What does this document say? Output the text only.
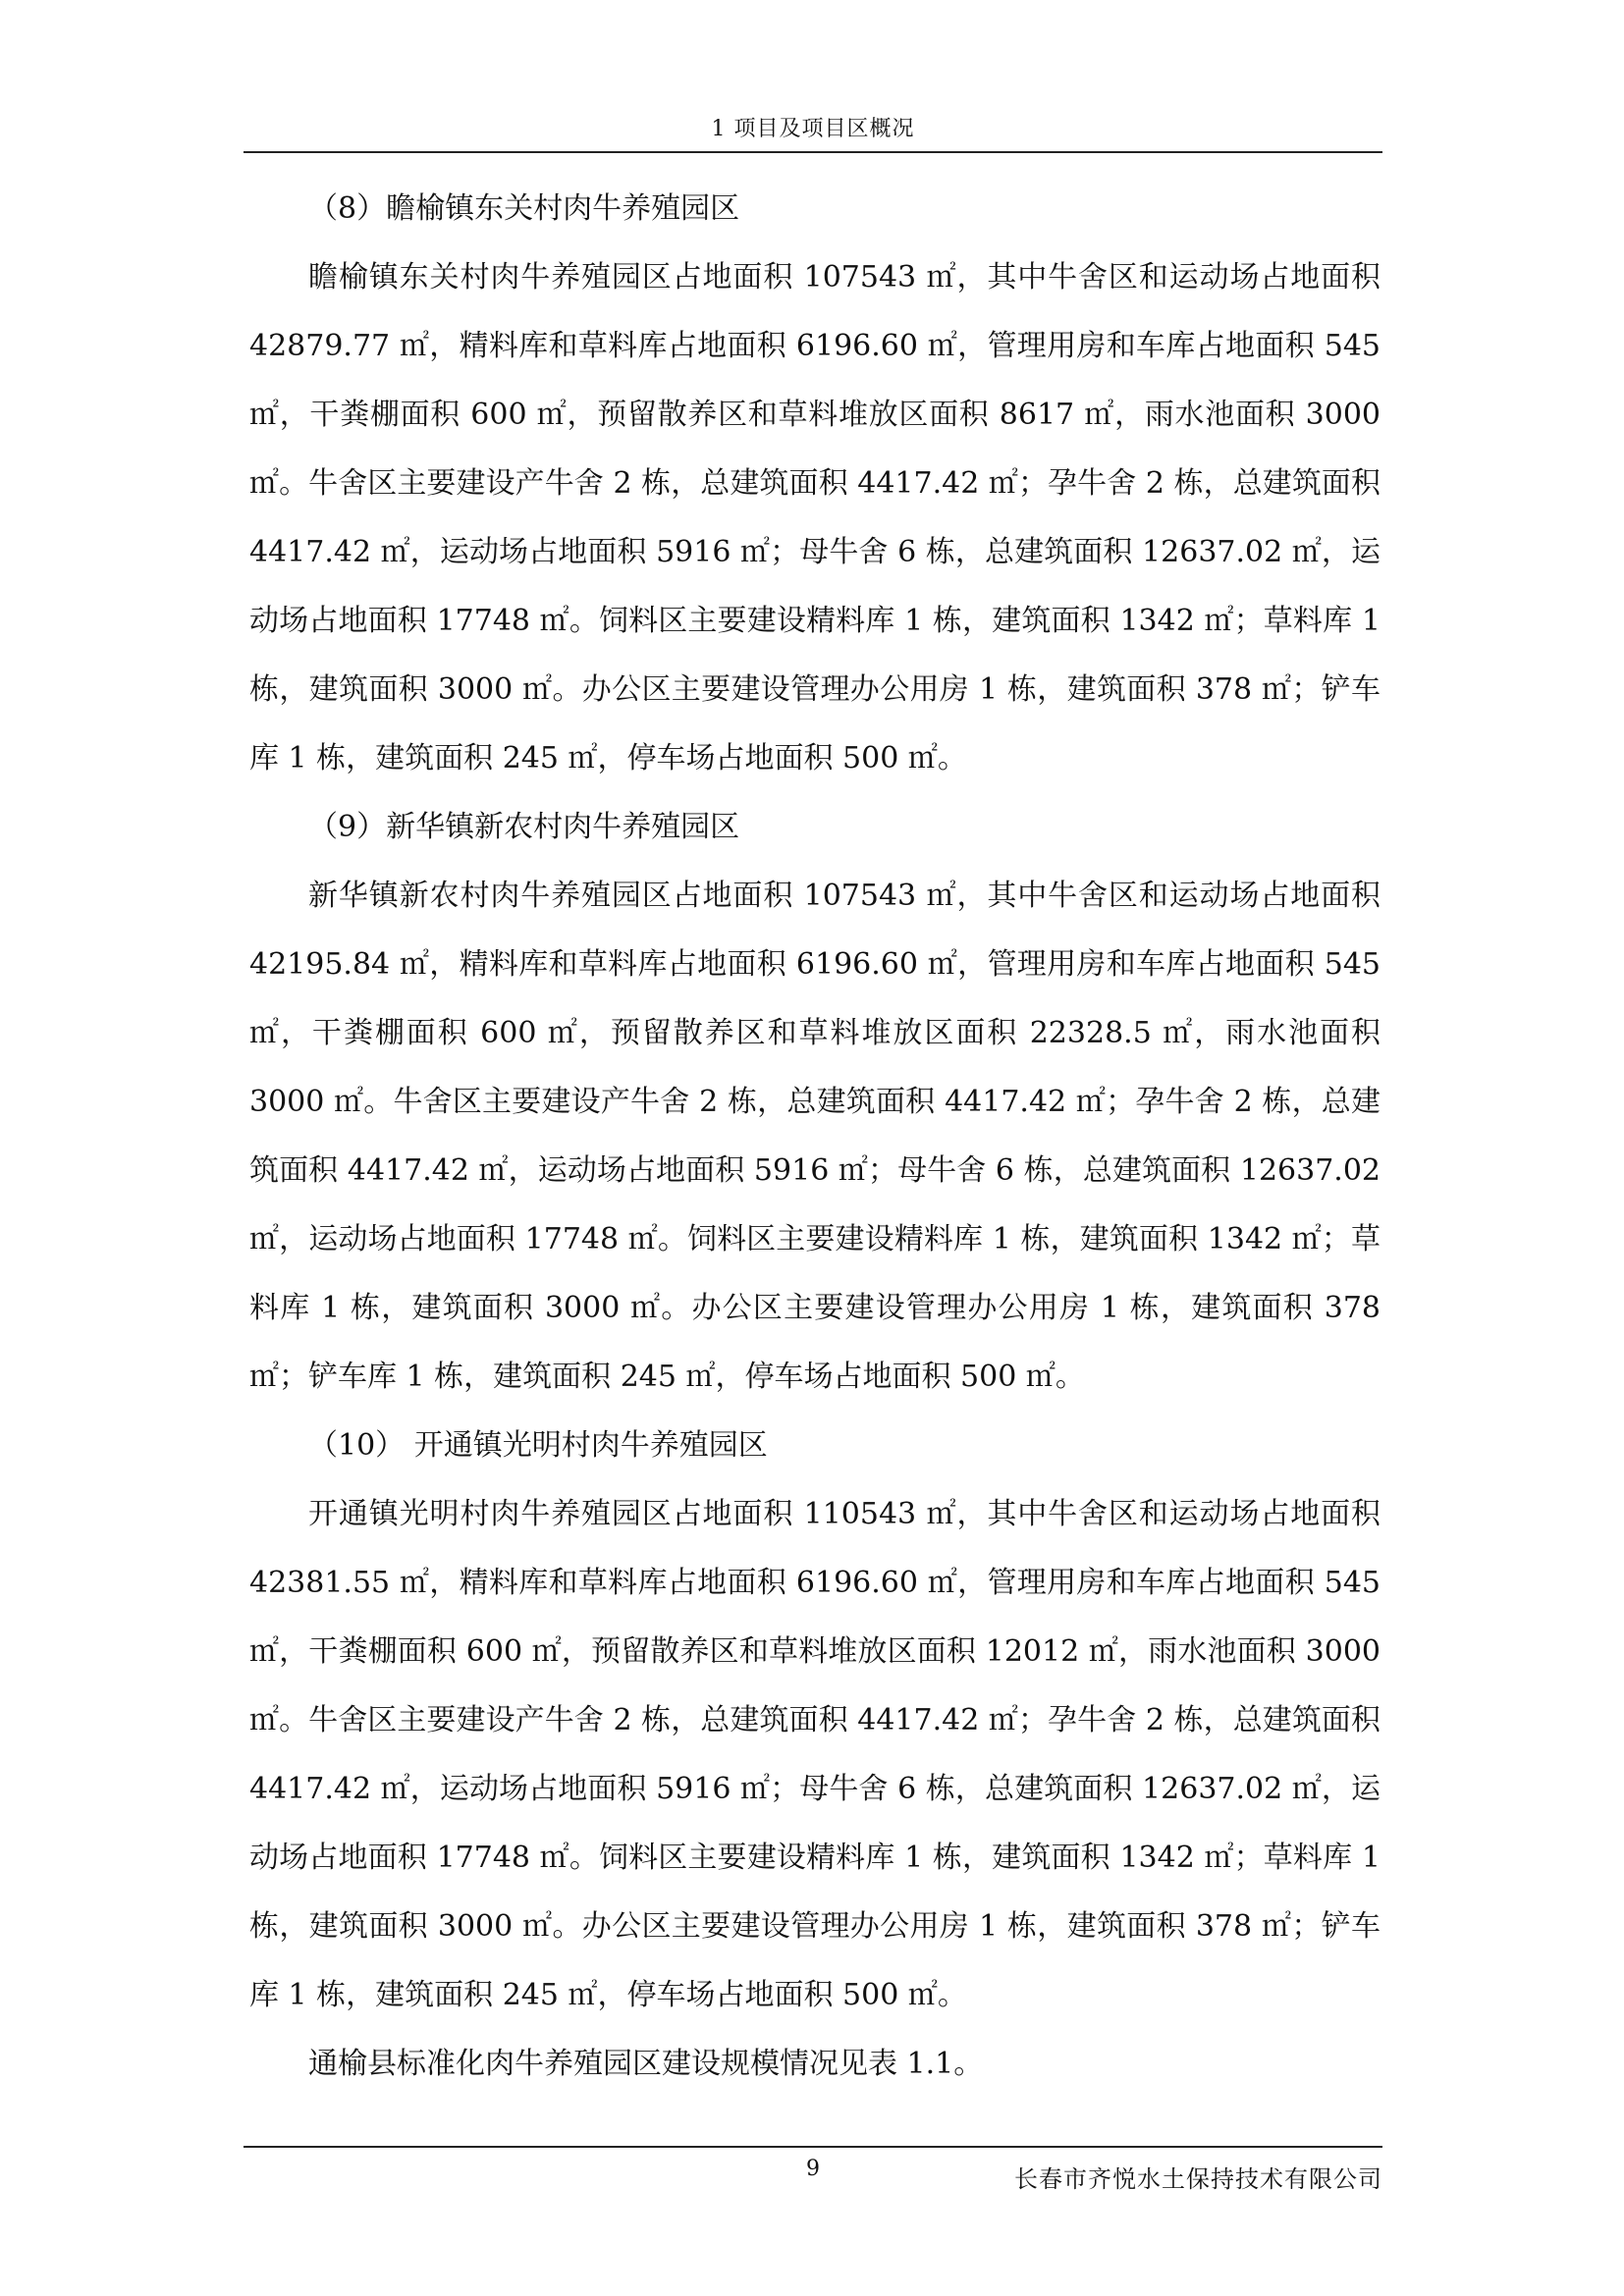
1 项目及项目区概况

（8）瞻榆镇东关村肉牛养殖园区

瞻榆镇东关村肉牛养殖园区占地面积 107543 ㎡，其中牛舍区和运动场占地面积 42879.77 ㎡，精料库和草料库占地面积 6196.60 ㎡，管理用房和车库占地面积 545 ㎡，干粪棚面积 600 ㎡，预留散养区和草料堆放区面积 8617 ㎡，雨水池面积 3000 ㎡。牛舍区主要建设产牛舍 2 栋，总建筑面积 4417.42 ㎡；孕牛舍 2 栋，总建筑面积 4417.42 ㎡，运动场占地面积 5916 ㎡；母牛舍 6 栋，总建筑面积 12637.02 ㎡，运动场占地面积 17748 ㎡。饲料区主要建设精料库 1 栋，建筑面积 1342 ㎡；草料库 1 栋，建筑面积 3000 ㎡。办公区主要建设管理办公用房 1 栋，建筑面积 378 ㎡；铲车库 1 栋，建筑面积 245 ㎡，停车场占地面积 500 ㎡。

（9）新华镇新农村肉牛养殖园区

新华镇新农村肉牛养殖园区占地面积 107543 ㎡，其中牛舍区和运动场占地面积 42195.84 ㎡，精料库和草料库占地面积 6196.60 ㎡，管理用房和车库占地面积 545 ㎡，干粪棚面积 600 ㎡，预留散养区和草料堆放区面积 22328.5 ㎡，雨水池面积 3000 ㎡。牛舍区主要建设产牛舍 2 栋，总建筑面积 4417.42 ㎡；孕牛舍 2 栋，总建筑面积 4417.42 ㎡，运动场占地面积 5916 ㎡；母牛舍 6 栋，总建筑面积 12637.02 ㎡，运动场占地面积 17748 ㎡。饲料区主要建设精料库 1 栋，建筑面积 1342 ㎡；草料库 1 栋，建筑面积 3000 ㎡。办公区主要建设管理办公用房 1 栋，建筑面积 378 ㎡；铲车库 1 栋，建筑面积 245 ㎡，停车场占地面积 500 ㎡。

（10） 开通镇光明村肉牛养殖园区

开通镇光明村肉牛养殖园区占地面积 110543 ㎡，其中牛舍区和运动场占地面积 42381.55 ㎡，精料库和草料库占地面积 6196.60 ㎡，管理用房和车库占地面积 545 ㎡，干粪棚面积 600 ㎡，预留散养区和草料堆放区面积 12012 ㎡，雨水池面积 3000 ㎡。牛舍区主要建设产牛舍 2 栋，总建筑面积 4417.42 ㎡；孕牛舍 2 栋，总建筑面积 4417.42 ㎡，运动场占地面积 5916 ㎡；母牛舍 6 栋，总建筑面积 12637.02 ㎡，运动场占地面积 17748 ㎡。饲料区主要建设精料库 1 栋，建筑面积 1342 ㎡；草料库 1 栋，建筑面积 3000 ㎡。办公区主要建设管理办公用房 1 栋，建筑面积 378 ㎡；铲车库 1 栋，建筑面积 245 ㎡，停车场占地面积 500 ㎡。

通榆县标准化肉牛养殖园区建设规模情况见表 1.1。

9	长春市齐悦水土保持技术有限公司
